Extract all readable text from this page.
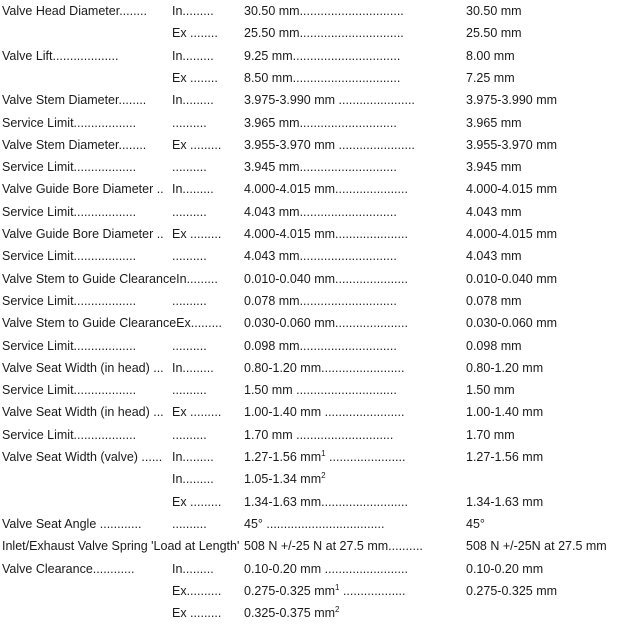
Valve Head Diameter........	In.........	30.50 mm..............................	30.50 mm
Ex ........	25.50 mm..............................	25.50 mm
Valve Lift...................	In.........	9.25 mm...............................	8.00 mm
Ex ........	8.50 mm...............................	7.25 mm
Valve Stem Diameter........	In.........	3.975-3.990 mm ......................	3.975-3.990 mm
Service Limit..................	..........	3.965 mm............................	3.965 mm
Valve Stem Diameter........	Ex .........	3.955-3.970 mm ......................	3.955-3.970 mm
Service Limit..................	..........	3.945 mm............................	3.945 mm
Valve Guide Bore Diameter .. In.........	4.000-4.015 mm.....................	4.000-4.015 mm
Service Limit..................	..........	4.043 mm............................	4.043 mm
Valve Guide Bore Diameter .. Ex .........	4.000-4.015 mm.....................	4.000-4.015 mm
Service Limit..................	..........	4.043 mm............................	4.043 mm
Valve Stem to Guide ClearanceIn.........	0.010-0.040 mm.....................	0.010-0.040 mm
Service Limit..................	..........	0.078 mm............................	0.078 mm
Valve Stem to Guide ClearanceEx.........	0.030-0.060 mm.....................	0.030-0.060 mm
Service Limit..................	..........	0.098 mm............................	0.098 mm
Valve Seat Width (in head) ... In.........	0.80-1.20 mm........................	0.80-1.20 mm
Service Limit..................	..........	1.50 mm .............................	1.50 mm
Valve Seat Width (in head) ... Ex .........	1.00-1.40 mm .......................	1.00-1.40 mm
Service Limit..................	..........	1.70 mm ............................	1.70 mm
Valve Seat Width (valve) ...... In.........	1.27-1.56 $mm^1$ ......................	1.27-1.56 mm
In.........	1.05-1.34 $mm^2$
Ex .........	1.34-1.63 mm.........................	1.34-1.63 mm
Valve Seat Angle ............	..........	45° ..................................	45°
Inlet/Exhaust Valve Spring 'Load at Length' 508 N +/-25 N at 27.5 mm..........	508 N +/-25N at 27.5 mm
Valve Clearance............	In.........	0.10-0.20 mm ........................	0.10-0.20 mm
Ex..........	0.275-0.325 $mm^1$ ..................	0.275-0.325 mm
Ex .........	0.325-0.375 $mm^2$
